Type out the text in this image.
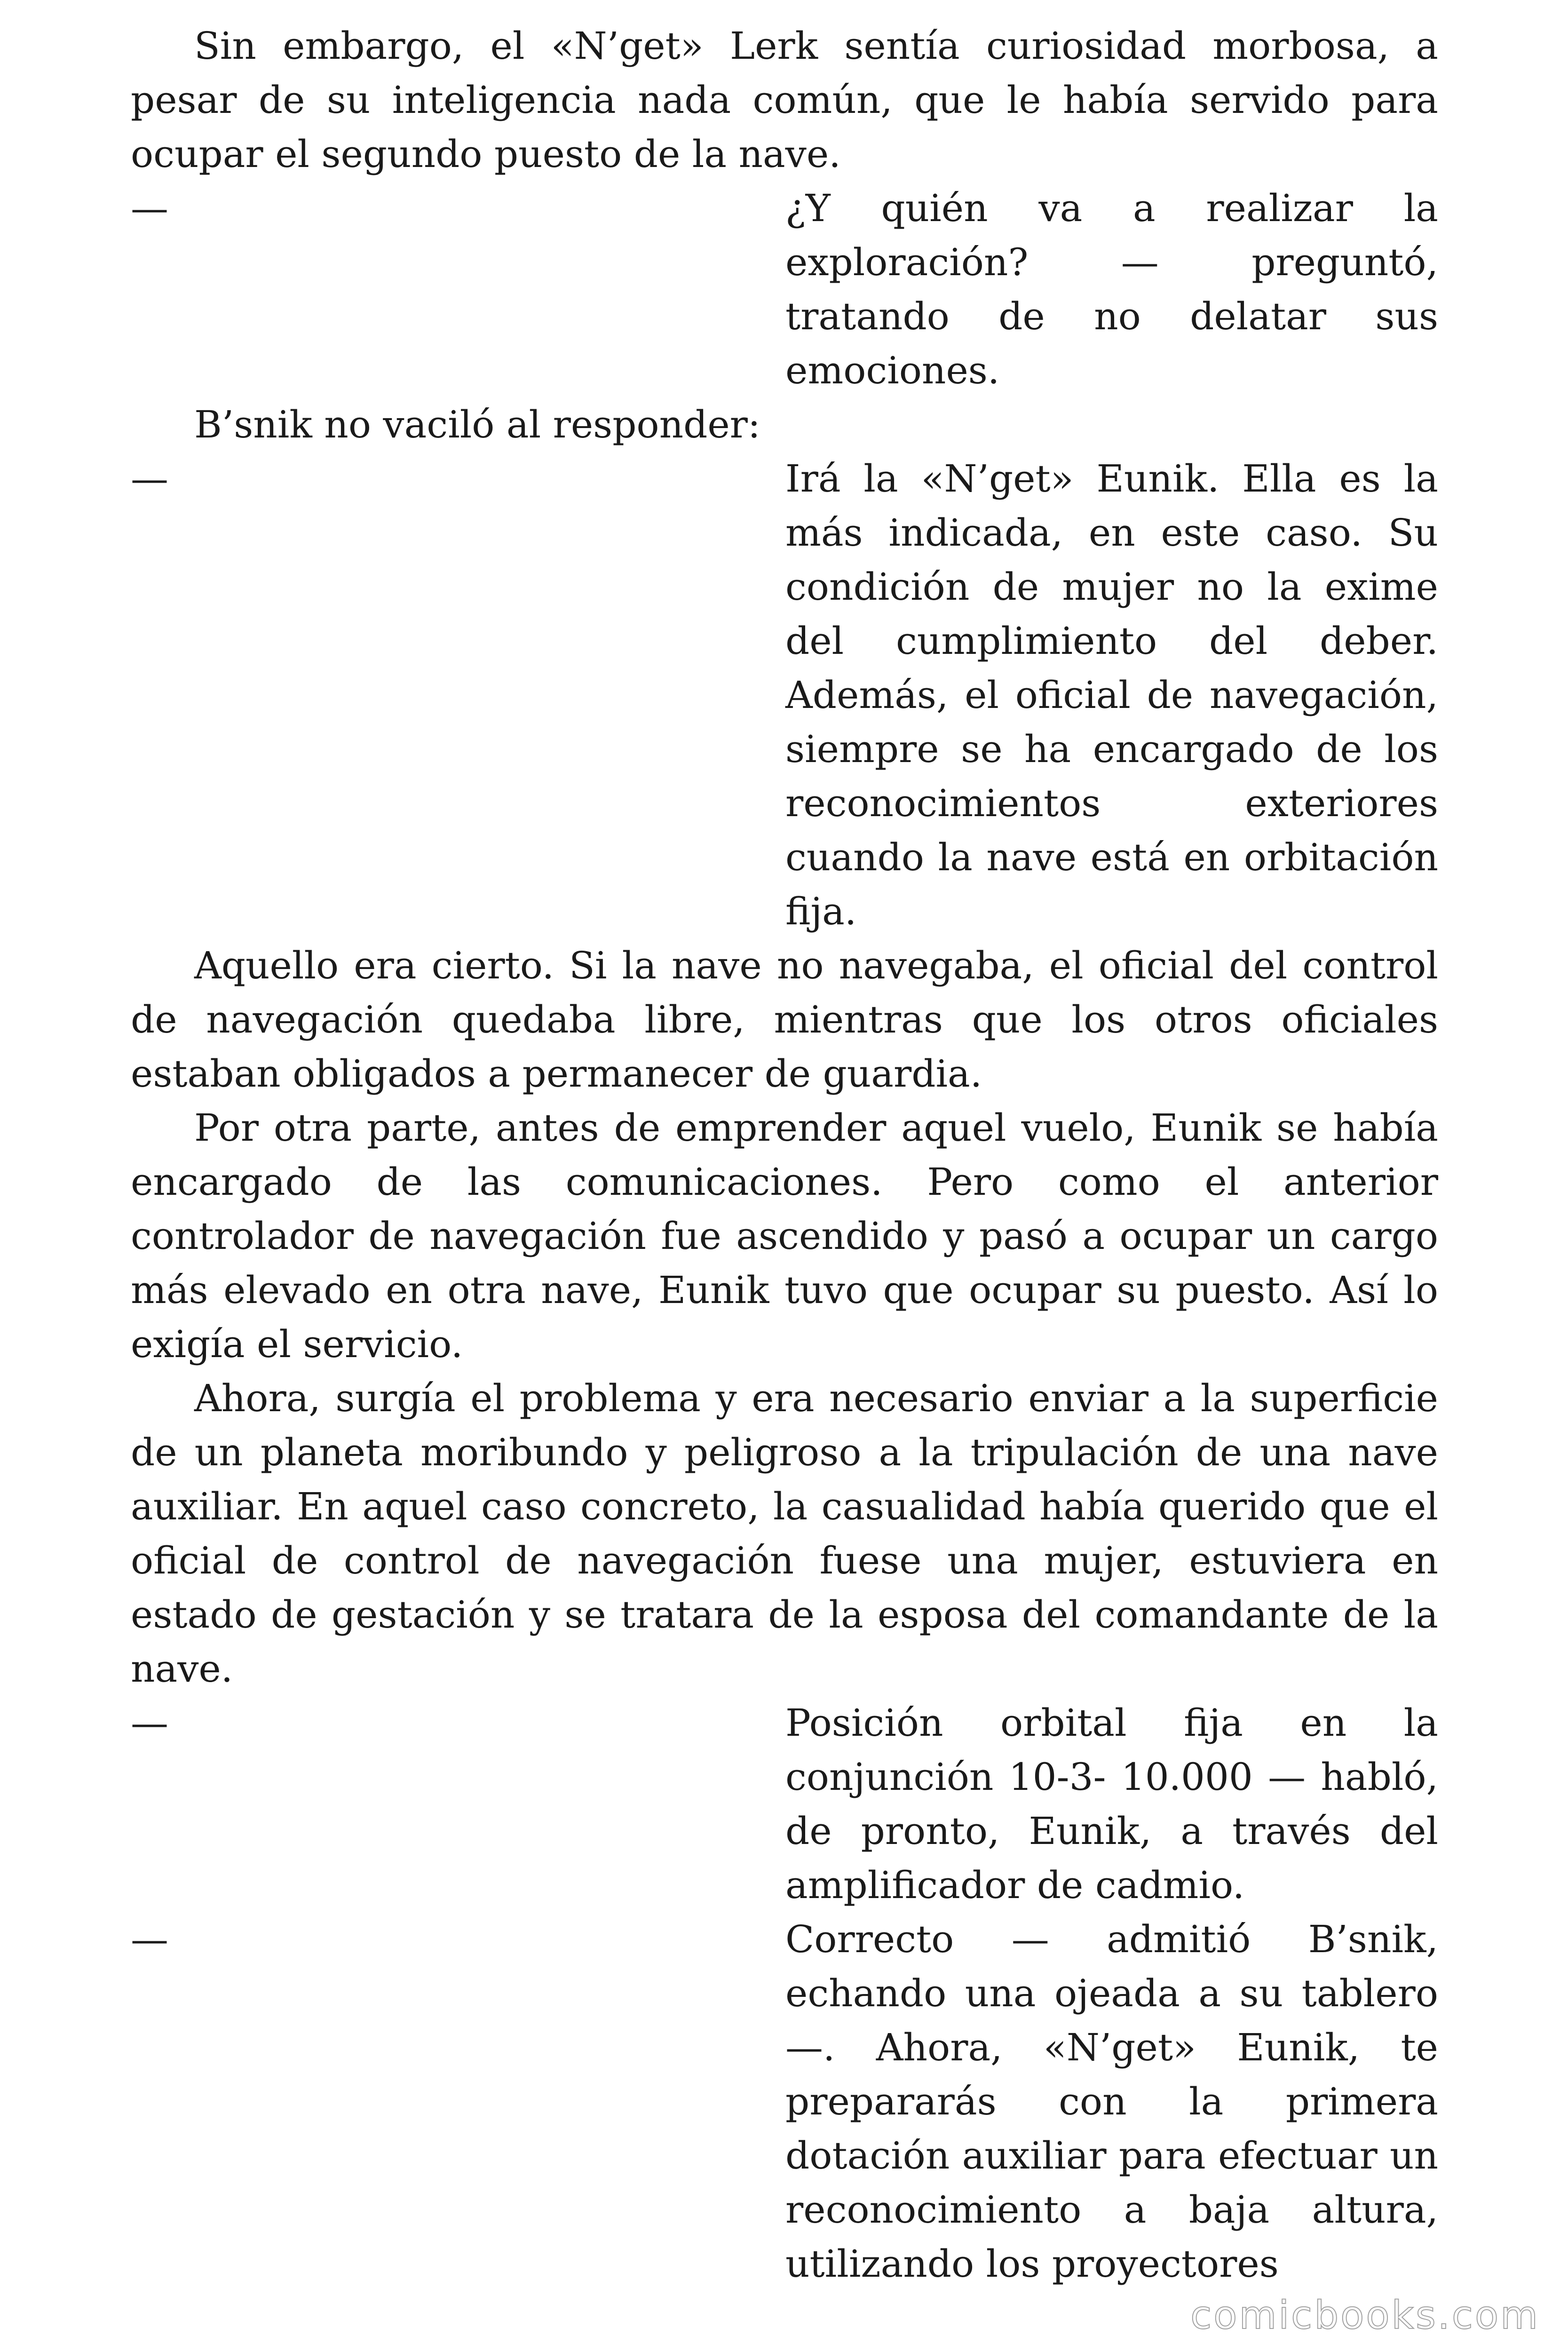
Sin embargo, el «N’get» Lerk sentía curiosidad morbosa, a pesar de su inteligencia nada común, que le había servido para ocupar el segundo puesto de la nave.

—	¿Y quién va a realizar la exploración? — preguntó, tratando de no delatar sus emociones.

B’snik no vaciló al responder:

—	Irá la «N’get» Eunik. Ella es la más indicada, en este caso. Su condición de mujer no la exime del cumplimiento del deber. Además, el oficial de navegación, siempre se ha encargado de los reconocimientos exteriores cuando la nave está en orbitación fija.

Aquello era cierto. Si la nave no navegaba, el oficial del control de navegación quedaba libre, mientras que los otros oficiales estaban obligados a permanecer de guardia.

Por otra parte, antes de emprender aquel vuelo, Eunik se había encargado de las comunicaciones. Pero como el anterior controlador de navegación fue ascendido y pasó a ocupar un cargo más elevado en otra nave, Eunik tuvo que ocupar su puesto. Así lo exigía el servicio.

Ahora, surgía el problema y era necesario enviar a la superficie de un planeta moribundo y peligroso a la tripulación de una nave auxiliar. En aquel caso concreto, la casualidad había querido que el oficial de control de navegación fuese una mujer, estuviera en estado de gestación y se tratara de la esposa del comandante de la nave.

—	Posición orbital fija en la conjunción 10-3- 10.000 — habló, de pronto, Eunik, a través del amplificador de cadmio.
—	Correcto — admitió B’snik, echando una ojeada a su tablero —. Ahora, «N’get» Eunik, te prepararás con la primera dotación auxiliar para efectuar un reconocimiento a baja altura, utilizando los proyectores
comicbooks.com
